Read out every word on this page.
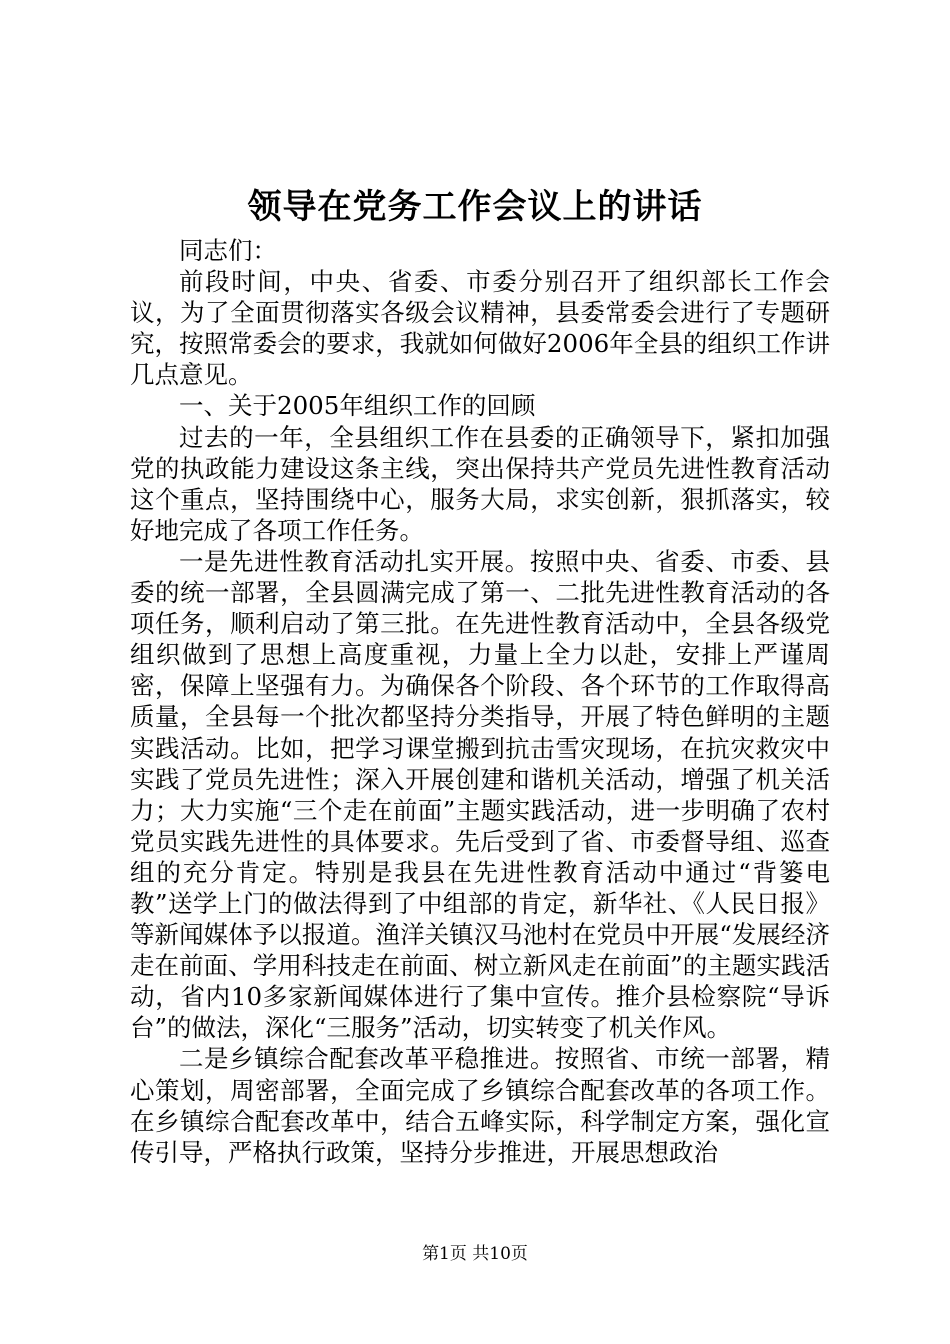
领导在党务工作会议上的讲话

同志们：

前段时间，中央、省委、市委分别召开了组织部长工作会议，为了全面贯彻落实各级会议精神，县委常委会进行了专题研究，按照常委会的要求，我就如何做好2006年全县的组织工作讲几点意见。

一、关于2005年组织工作的回顾

过去的一年，全县组织工作在县委的正确领导下，紧扣加强党的执政能力建设这条主线，突出保持共产党员先进性教育活动这个重点，坚持围绕中心，服务大局，求实创新，狠抓落实，较好地完成了各项工作任务。

一是先进性教育活动扎实开展。按照中央、省委、市委、县委的统一部署，全县圆满完成了第一、二批先进性教育活动的各项任务，顺利启动了第三批。在先进性教育活动中，全县各级党组织做到了思想上高度重视，力量上全力以赴，安排上严谨周密，保障上坚强有力。为确保各个阶段、各个环节的工作取得高质量，全县每一个批次都坚持分类指导，开展了特色鲜明的主题实践活动。比如，把学习课堂搬到抗击雪灾现场，在抗灾救灾中实践了党员先进性；深入开展创建和谐机关活动，增强了机关活力；大力实施“三个走在前面”主题实践活动，进一步明确了农村党员实践先进性的具体要求。先后受到了省、市委督导组、巡查组的充分肯定。特别是我县在先进性教育活动中通过“背篓电教”送学上门的做法得到了中组部的肯定，新华社、《人民日报》等新闻媒体予以报道。渔洋关镇汉马池村在党员中开展“发展经济走在前面、学用科技走在前面、树立新风走在前面”的主题实践活动，省内10多家新闻媒体进行了集中宣传。推介县检察院“导诉台”的做法，深化“三服务”活动，切实转变了机关作风。

二是乡镇综合配套改革平稳推进。按照省、市统一部署，精心策划，周密部署，全面完成了乡镇综合配套改革的各项工作。在乡镇综合配套改革中，结合五峰实际，科学制定方案，强化宣传引导，严格执行政策，坚持分步推进，开展思想政治

第1页 共10页
